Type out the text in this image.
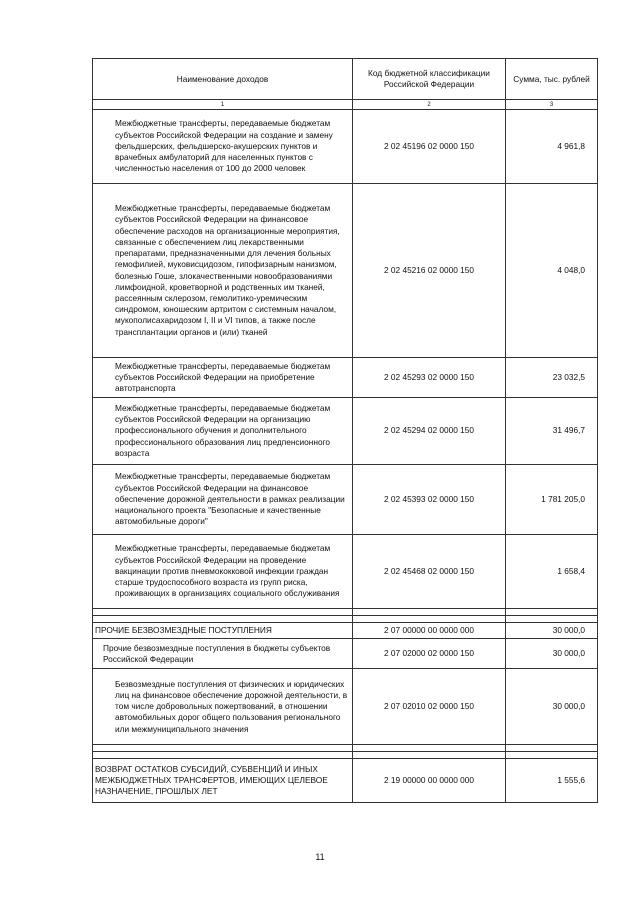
Наименование доходов	Код бюджетной классификации Российской Федерации	Сумма, тыс. рублей
1	2	3
Межбюджетные трансферты, передаваемые бюджетам субъектов Российской Федерации на создание и замену фельдшерских, фельдшерско-акушерских пунктов и врачебных амбулаторий для населенных пунктов с численностью населения от 100 до 2000 человек	2 02 45196 02 0000 150	4 961,8
Межбюджетные трансферты, передаваемые бюджетам субъектов Российской Федерации на финансовое обеспечение расходов на организационные мероприятия, связанные с обеспечением лиц лекарственными препаратами, предназначенными для лечения больных гемофилией, муковисцидозом, гипофизарным нанизмом, болезнью Гоше, злокачественными новообразованиями лимфоидной, кроветворной и родственных им тканей, рассеянным склерозом, гемолитико-уремическим синдромом, юношеским артритом с системным началом, мукополисахаридозом I, II и VI типов, а также после трансплантации органов и (или) тканей	2 02 45216 02 0000 150	4 048,0
Межбюджетные трансферты, передаваемые бюджетам субъектов Российской Федерации на приобретение автотранспорта	2 02 45293 02 0000 150	23 032,5
Межбюджетные трансферты, передаваемые бюджетам субъектов Российской Федерации на организацию профессионального обучения и дополнительного профессионального образования лиц предпенсионного возраста	2 02 45294 02 0000 150	31 496,7
Межбюджетные трансферты, передаваемые бюджетам субъектов Российской Федерации на финансовое обеспечение дорожной деятельности в рамках реализации национального проекта "Безопасные и качественные автомобильные дороги"	2 02 45393 02 0000 150	1 781 205,0
Межбюджетные трансферты, передаваемые бюджетам субъектов Российской Федерации на проведение вакцинации против пневмококковой инфекции граждан старше трудоспособного возраста из групп риска, проживающих в организациях социального обслуживания	2 02 45468 02 0000 150	1 658,4

ПРОЧИЕ БЕЗВОЗМЕЗДНЫЕ ПОСТУПЛЕНИЯ	2 07 00000 00 0000 000	30 000,0
Прочие безвозмездные поступления в бюджеты субъектов Российской Федерации	2 07 02000 02 0000 150	30 000,0
Безвозмездные поступления от физических и юридических лиц на финансовое обеспечение дорожной деятельности, в том числе добровольных пожертвований, в отношении автомобильных дорог общего пользования регионального или межмуниципального значения	2 07 02010 02 0000 150	30 000,0

ВОЗВРАТ ОСТАТКОВ СУБСИДИЙ, СУБВЕНЦИЙ И ИНЫХ МЕЖБЮДЖЕТНЫХ ТРАНСФЕРТОВ, ИМЕЮЩИХ ЦЕЛЕВОЕ НАЗНАЧЕНИЕ, ПРОШЛЫХ ЛЕТ	2 19 00000 00 0000 000	1 555,6
11
